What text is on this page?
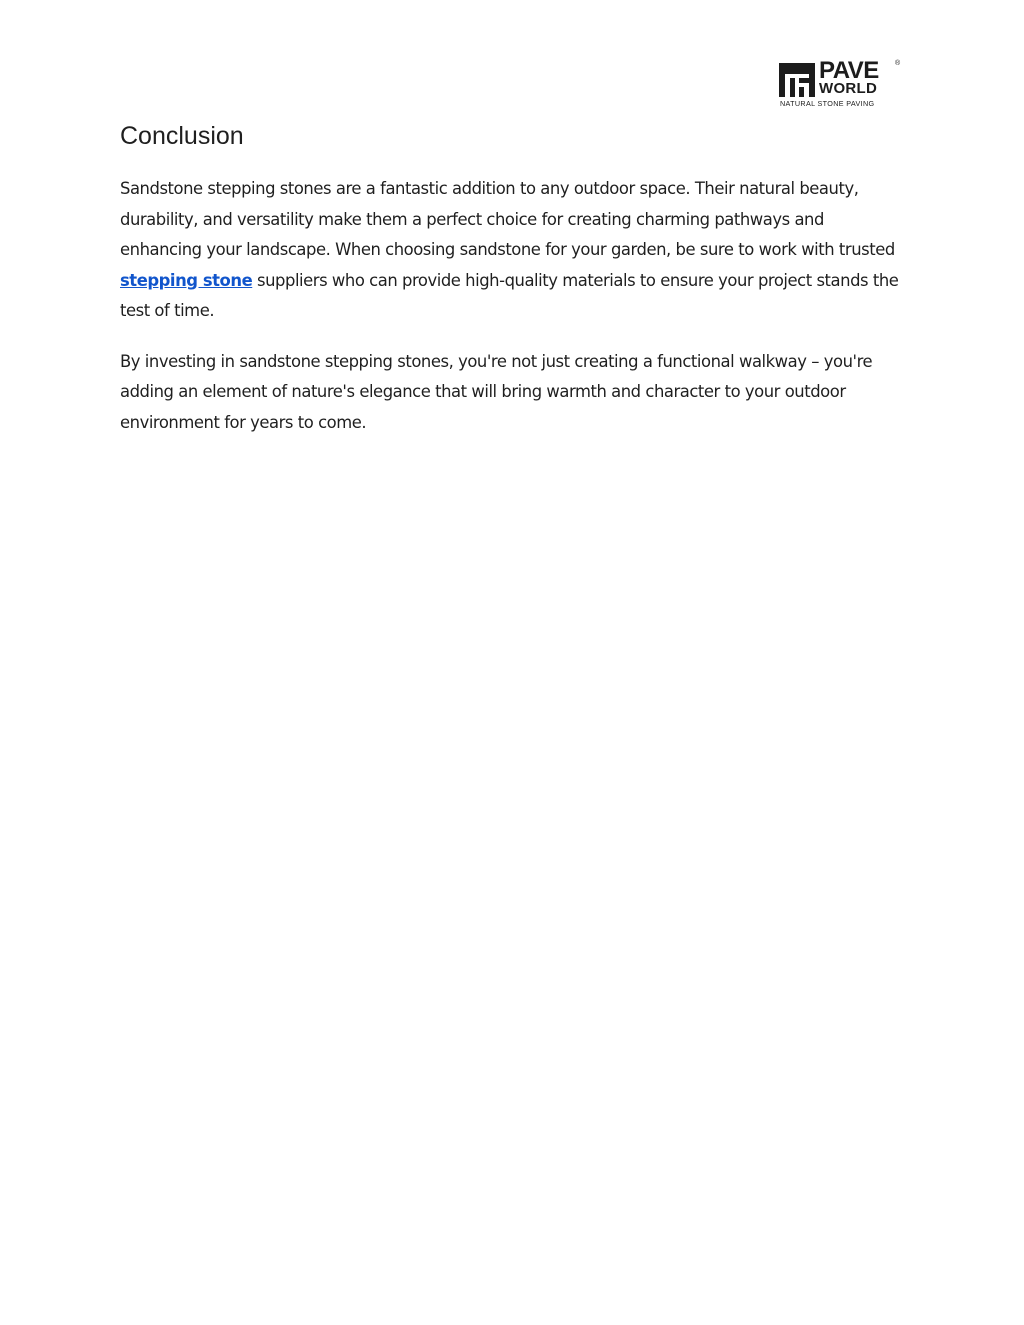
PAVE
WORLD
®
NATURAL STONE PAVING
Conclusion

Sandstone stepping stones are a fantastic addition to any outdoor space. Their natural beauty, durability, and versatility make them a perfect choice for creating charming pathways and enhancing your landscape. When choosing sandstone for your garden, be sure to work with trusted stepping stone suppliers who can provide high-quality materials to ensure your project stands the test of time.

By investing in sandstone stepping stones, you're not just creating a functional walkway – you're adding an element of nature's elegance that will bring warmth and character to your outdoor environment for years to come.
